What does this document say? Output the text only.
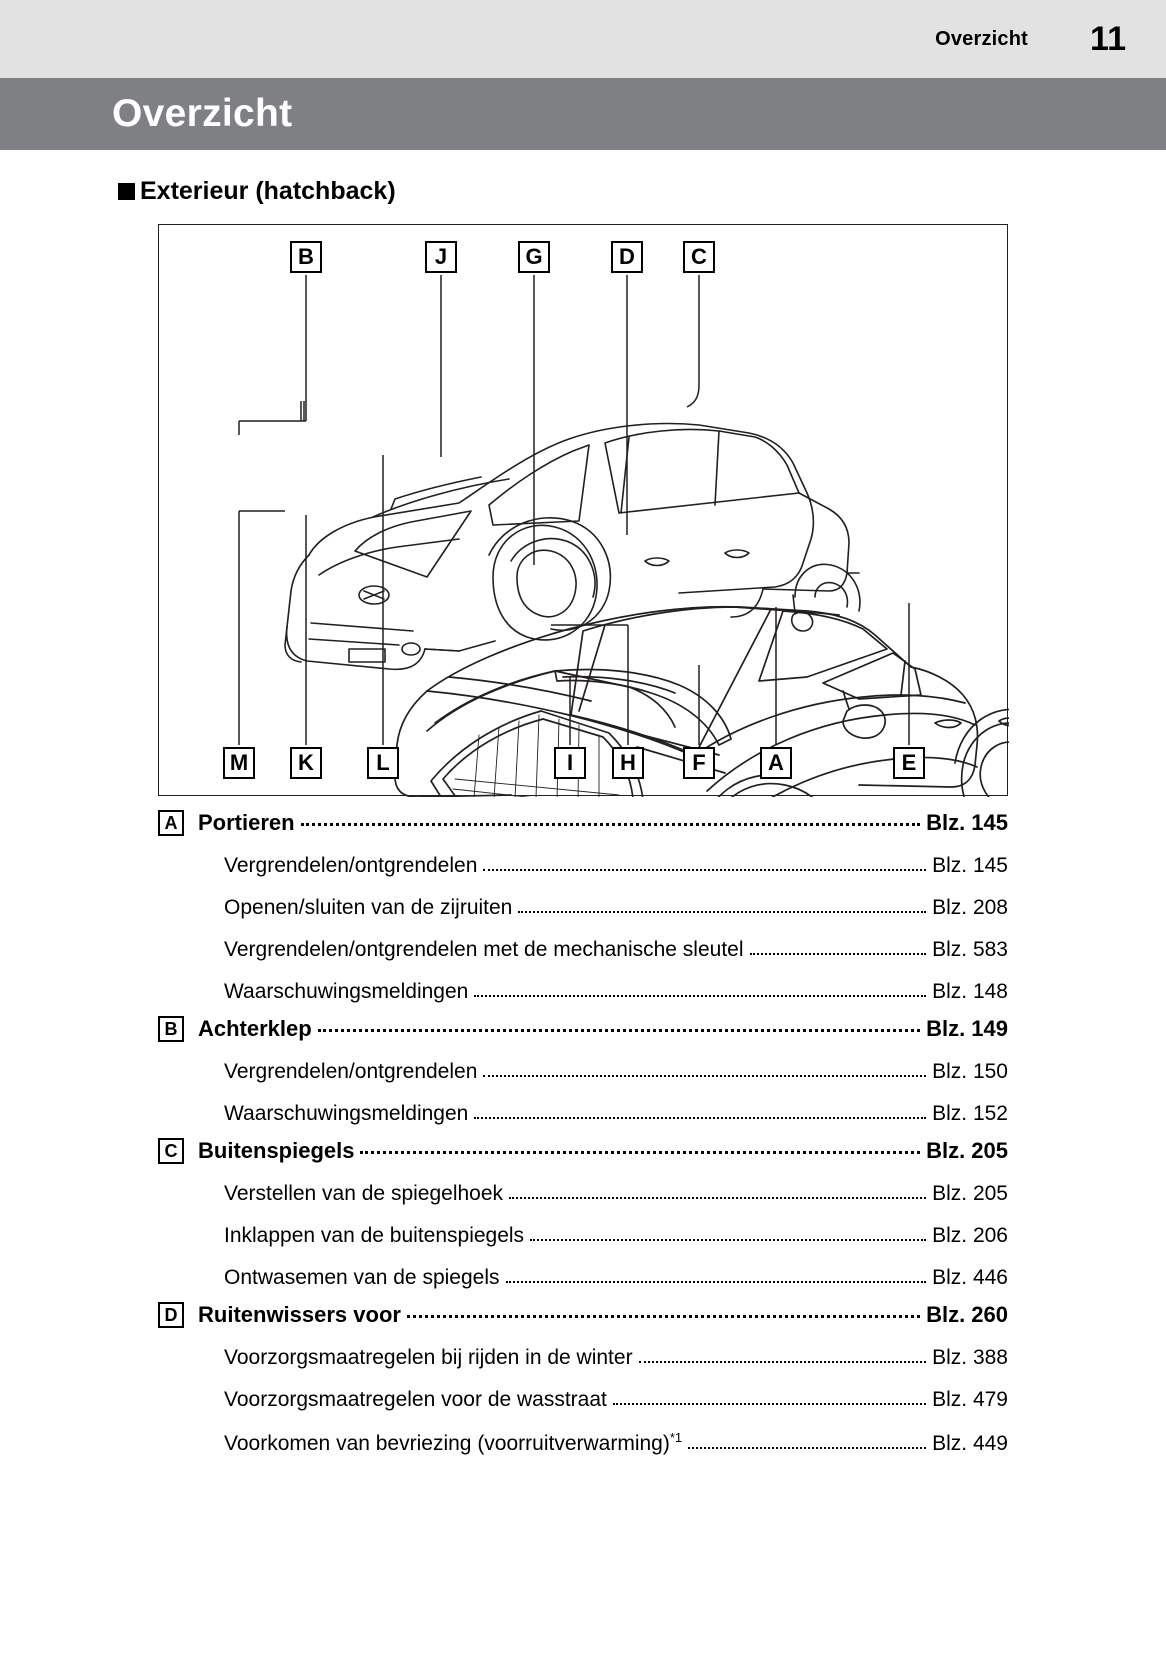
Overzicht 11
Overzicht
Exterieur (hatchback)
B	J	G	D	C
M	K	L	I	H	F	A	E
A Portieren	Blz. 145
Vergrendelen/ontgrendelen	Blz. 145
Openen/sluiten van de zijruiten	Blz. 208
Vergrendelen/ontgrendelen met de mechanische sleutel	Blz. 583
Waarschuwingsmeldingen	Blz. 148
B Achterklep	Blz. 149
Vergrendelen/ontgrendelen	Blz. 150
Waarschuwingsmeldingen	Blz. 152
C Buitenspiegels	Blz. 205
Verstellen van de spiegelhoek	Blz. 205
Inklappen van de buitenspiegels	Blz. 206
Ontwasemen van de spiegels	Blz. 446
D Ruitenwissers voor	Blz. 260
Voorzorgsmaatregelen bij rijden in de winter	Blz. 388
Voorzorgsmaatregelen voor de wasstraat	Blz. 479
Voorkomen van bevriezing (voorruitverwarming)$^{*1}$	Blz. 449
